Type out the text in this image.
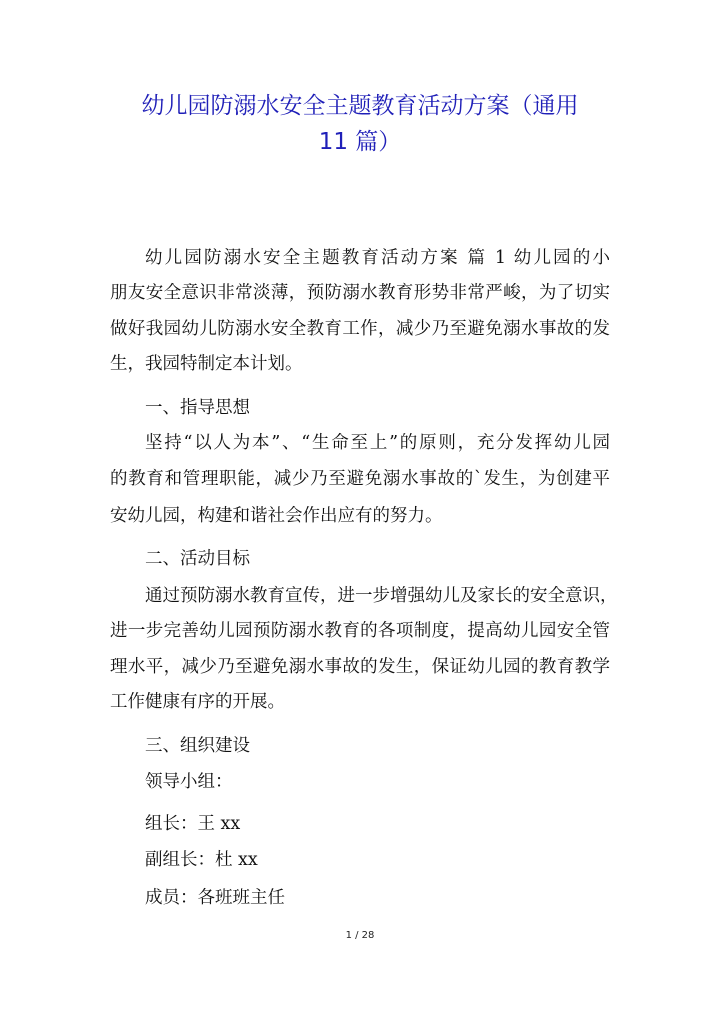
幼儿园防溺水安全主题教育活动方案（通用
11 篇）

幼儿园防溺水安全主题教育活动方案 篇 1 幼儿园的小

朋友安全意识非常淡薄，预防溺水教育形势非常严峻，为了切实

做好我园幼儿防溺水安全教育工作，减少乃至避免溺水事故的发

生，我园特制定本计划。

一、指导思想

坚持“以人为本”、“生命至上”的原则，充分发挥幼儿园

的教育和管理职能，减少乃至避免溺水事故的`发生，为创建平

安幼儿园，构建和谐社会作出应有的努力。

二、活动目标

通过预防溺水教育宣传，进一步增强幼儿及家长的安全意识，

进一步完善幼儿园预防溺水教育的各项制度，提高幼儿园安全管

理水平，减少乃至避免溺水事故的发生，保证幼儿园的教育教学

工作健康有序的开展。

三、组织建设

领导小组：

组长：王 xx

副组长：杜 xx

成员：各班班主任

1 / 28
